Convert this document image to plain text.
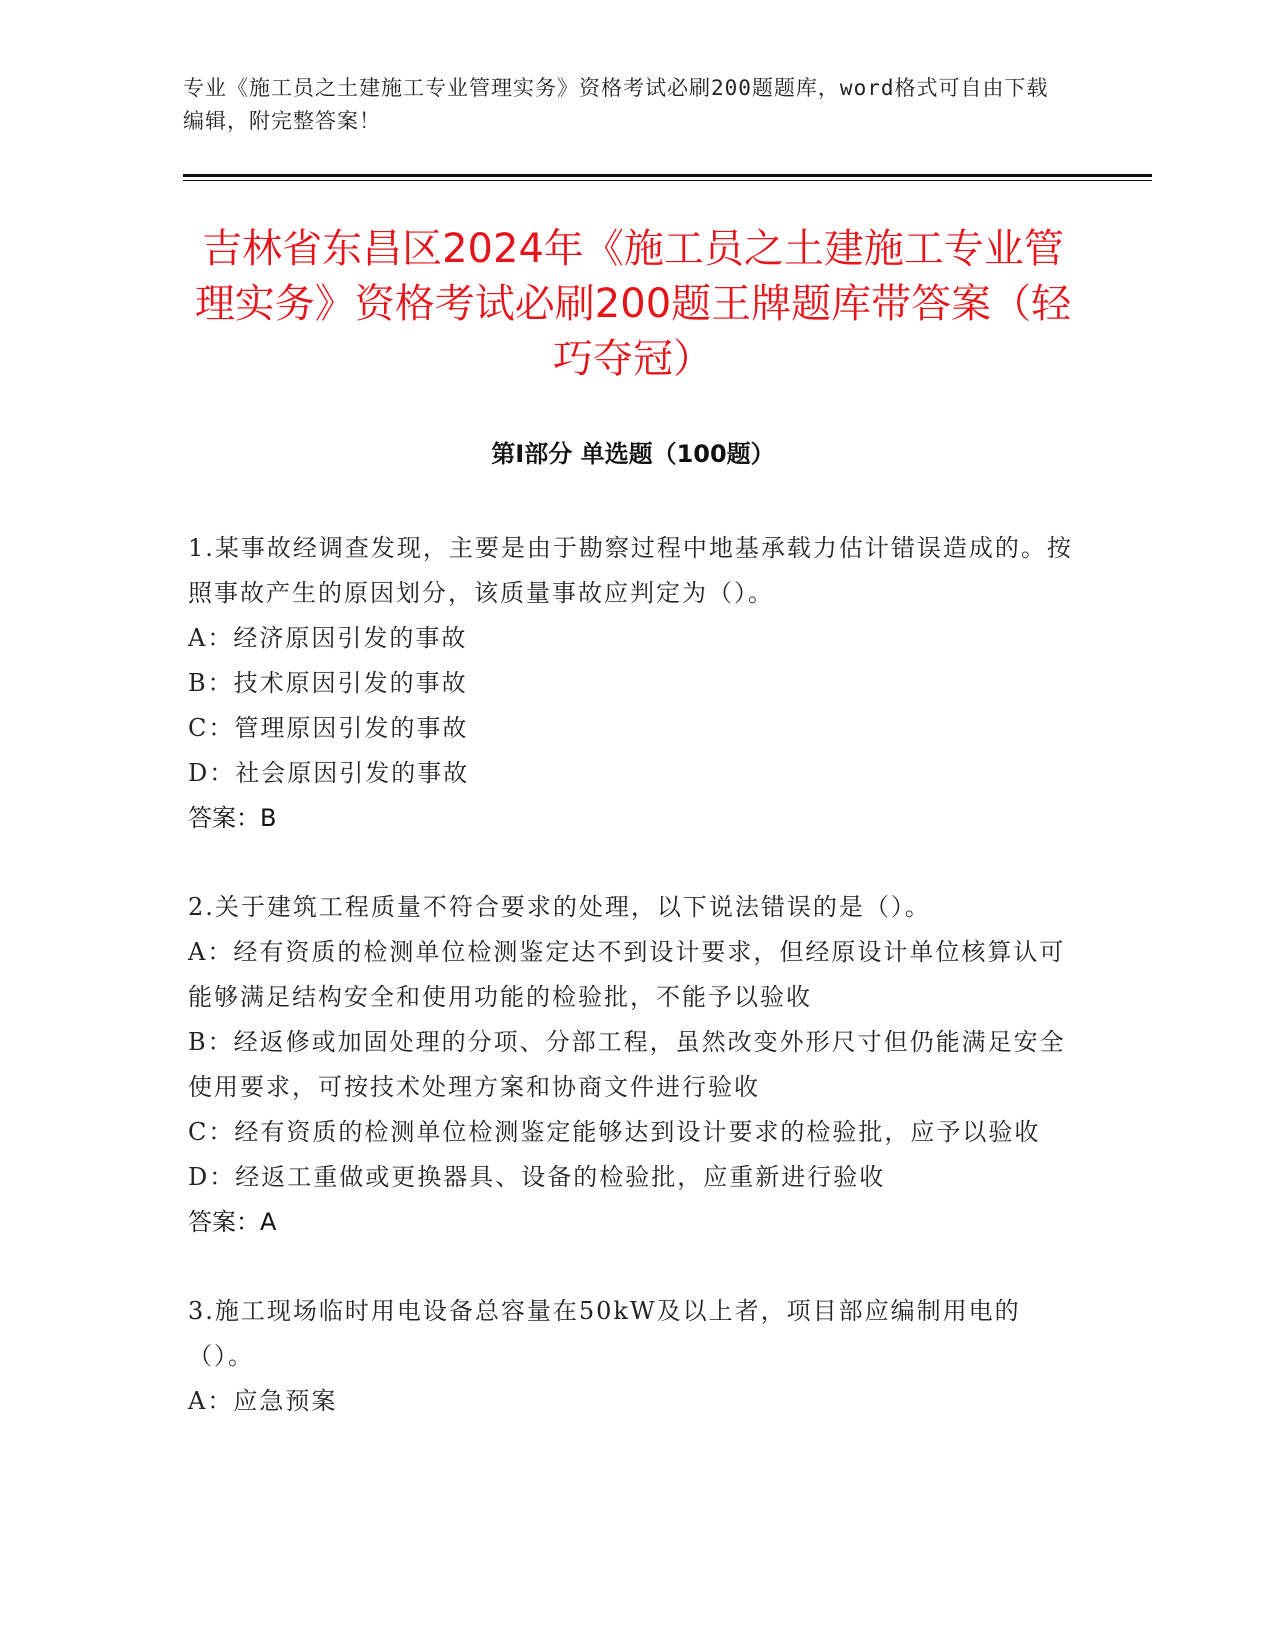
专业《施工员之土建施工专业管理实务》资格考试必刷200题题库，word格式可自由下载编辑，附完整答案！
吉林省东昌区2024年《施工员之土建施工专业管理实务》资格考试必刷200题王牌题库带答案（轻巧夺冠）
第Ⅰ部分 单选题（100题）

1.某事故经调查发现，主要是由于勘察过程中地基承载力估计错误造成的。按照事故产生的原因划分，该质量事故应判定为（）。

A：经济原因引发的事故

B：技术原因引发的事故

C：管理原因引发的事故

D：社会原因引发的事故

答案：B

2.关于建筑工程质量不符合要求的处理，以下说法错误的是（）。

A：经有资质的检测单位检测鉴定达不到设计要求，但经原设计单位核算认可能够满足结构安全和使用功能的检验批，不能予以验收

B：经返修或加固处理的分项、分部工程，虽然改变外形尺寸但仍能满足安全使用要求，可按技术处理方案和协商文件进行验收

C：经有资质的检测单位检测鉴定能够达到设计要求的检验批，应予以验收

D：经返工重做或更换器具、设备的检验批，应重新进行验收

答案：A

3.施工现场临时用电设备总容量在50kW及以上者，项目部应编制用电的（）。

A：应急预案
